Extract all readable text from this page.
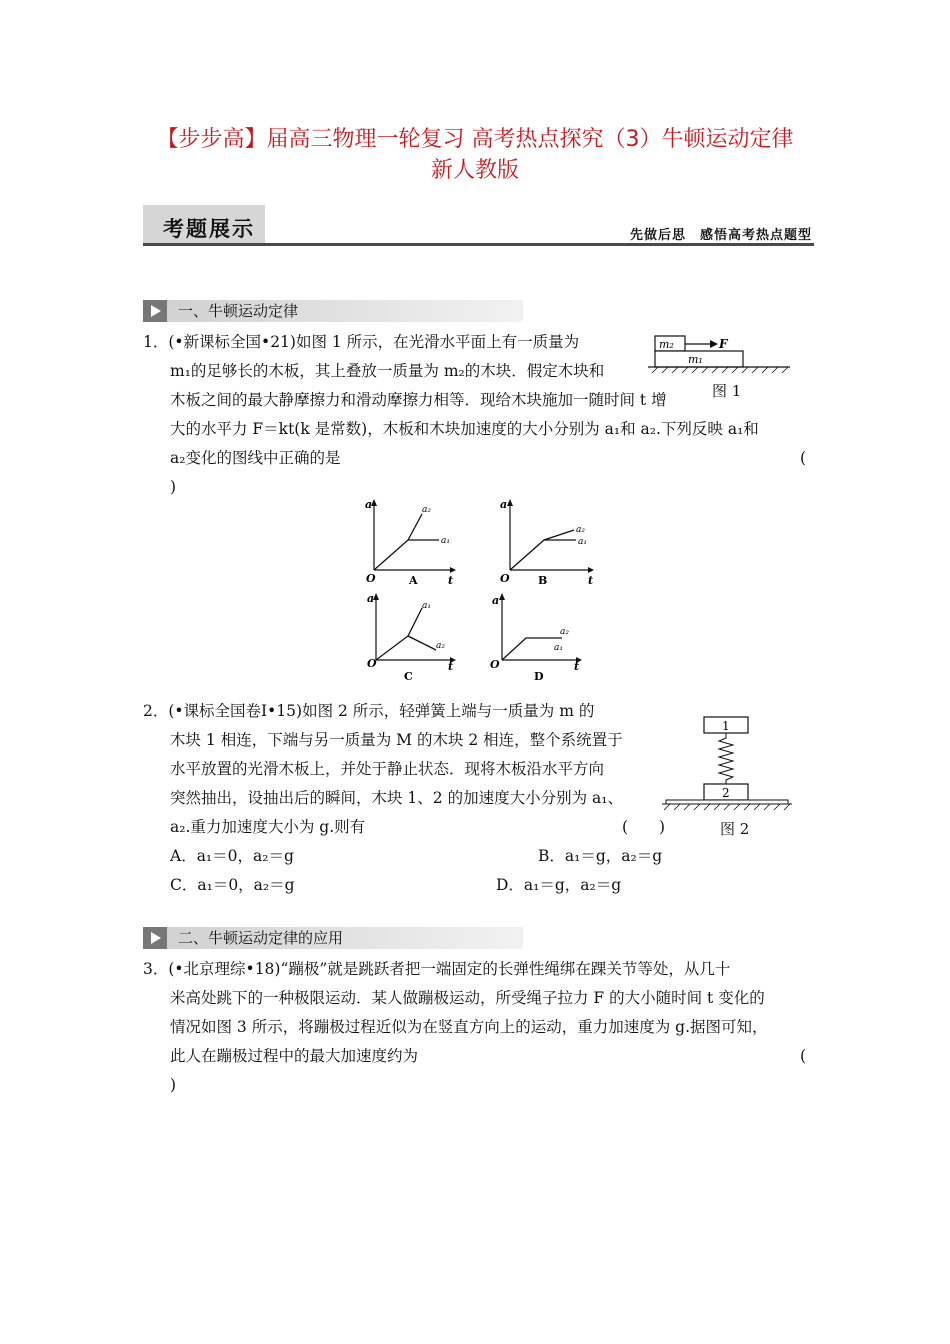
【步步高】届高三物理一轮复习 高考热点探究（3）牛顿运动定律
新人教版
考题展示	先做后思　感悟高考热点题型
一、牛顿运动定律
1．(•新课标全国•21)如图 1 所示，在光滑水平面上有一质量为
m₁的足够长的木板，其上叠放一质量为 m₂的木块．假定木块和
木板之间的最大静摩擦力和滑动摩擦力相等．现给木块施加一随时间 t 增
大的水平力 F＝kt(k 是常数)，木板和木块加速度的大小分别为 a₁和 a₂.下列反映 a₁和
a₂变化的图线中正确的是	(
)
m₂	F
m₁
图 1
a
O	t
a₂
a₁
A
a
O	t
a₂
a₁
B
a
O	t
a₁
a₂
C
a
O	t
a₂
a₁
D
2．(•课标全国卷Ⅰ•15)如图 2 所示，轻弹簧上端与一质量为 m 的
木块 1 相连，下端与另一质量为 M 的木块 2 相连，整个系统置于
水平放置的光滑木板上，并处于静止状态．现将木板沿水平方向
突然抽出，设抽出后的瞬间，木块 1、2 的加速度大小分别为 a₁、
a₂.重力加速度大小为 g.则有	(　　)
A．a₁＝0，a₂＝g	B．a₁＝g，a₂＝g
C．a₁＝0，a₂＝g	D．a₁＝g，a₂＝g
1
2
图 2
二、牛顿运动定律的应用
3．(•北京理综•18)“蹦极”就是跳跃者把一端固定的长弹性绳绑在踝关节等处，从几十
米高处跳下的一种极限运动．某人做蹦极运动，所受绳子拉力 F 的大小随时间 t 变化的
情况如图 3 所示，将蹦极过程近似为在竖直方向上的运动，重力加速度为 g.据图可知，
此人在蹦极过程中的最大加速度约为	(
)
